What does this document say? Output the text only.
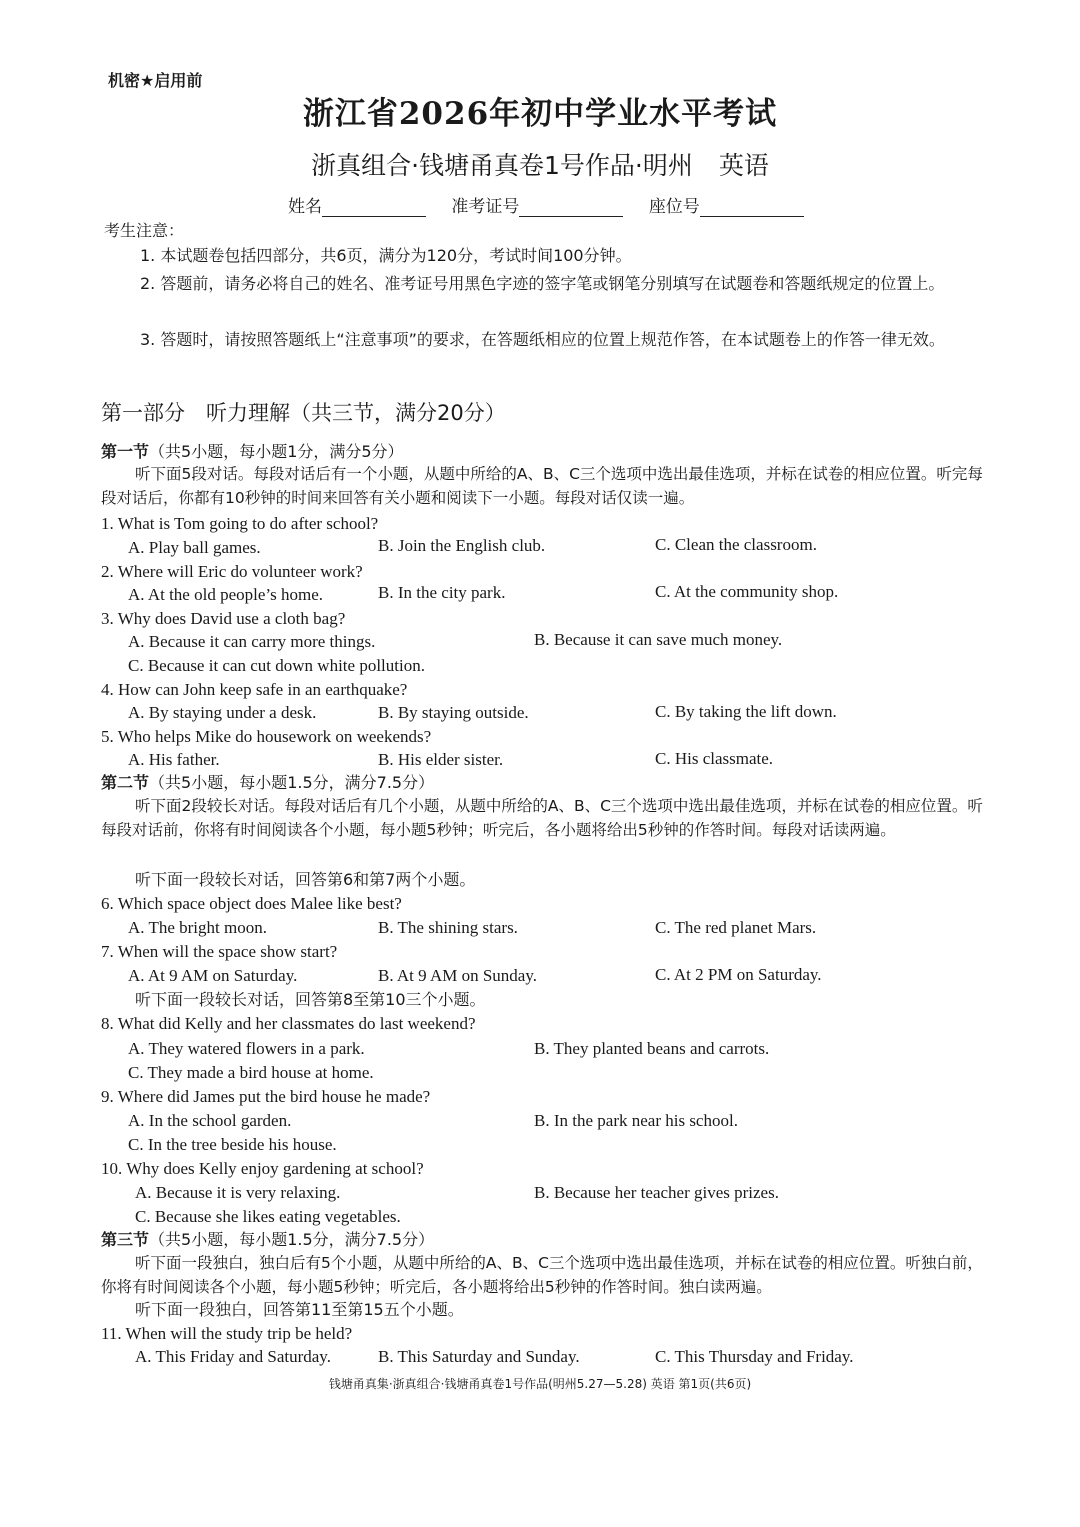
机密★启用前
浙江省2026年初中学业水平考试
浙真组合·钱塘甬真卷1号作品·明州 英语
姓名	准考证号	座位号
考生注意：
1. 本试题卷包括四部分，共6页，满分为120分，考试时间100分钟。
2. 答题前，请务必将自己的姓名、准考证号用黑色字迹的签字笔或钢笔分别填写在试题卷和答题纸规定的位置上。
3. 答题时，请按照答题纸上“注意事项”的要求，在答题纸相应的位置上规范作答，在本试题卷上的作答一律无效。
第一部分　听力理解（共三节，满分20分）
第一节（共5小题，每小题1分，满分5分）
听下面5段对话。每段对话后有一个小题，从题中所给的A、B、C三个选项中选出最佳选项，并标在试卷的相应位置。听完每段对话后，你都有10秒钟的时间来回答有关小题和阅读下一小题。每段对话仅读一遍。
1. What is Tom going to do after school?
A. Play ball games.	B. Join the English club.	C. Clean the classroom.
2. Where will Eric do volunteer work?
A. At the old people’s home.	B. In the city park.	C. At the community shop.
3. Why does David use a cloth bag?
A. Because it can carry more things.	B. Because it can save much money.
C. Because it can cut down white pollution.
4. How can John keep safe in an earthquake?
A. By staying under a desk.	B. By staying outside.	C. By taking the lift down.
5. Who helps Mike do housework on weekends?
A. His father.	B. His elder sister.	C. His classmate.
第二节（共5小题，每小题1.5分，满分7.5分）
听下面2段较长对话。每段对话后有几个小题，从题中所给的A、B、C三个选项中选出最佳选项，并标在试卷的相应位置。听每段对话前，你将有时间阅读各个小题，每小题5秒钟；听完后，各小题将给出5秒钟的作答时间。每段对话读两遍。
听下面一段较长对话，回答第6和第7两个小题。
6. Which space object does Malee like best?
A. The bright moon.	B. The shining stars.	C. The red planet Mars.
7. When will the space show start?
A. At 9 AM on Saturday.	B. At 9 AM on Sunday.	C. At 2 PM on Saturday.
听下面一段较长对话，回答第8至第10三个小题。
8. What did Kelly and her classmates do last weekend?
A. They watered flowers in a park.	B. They planted beans and carrots.
C. They made a bird house at home.
9. Where did James put the bird house he made?
A. In the school garden.	B. In the park near his school.
C. In the tree beside his house.
10. Why does Kelly enjoy gardening at school?
A. Because it is very relaxing.	B. Because her teacher gives prizes.
C. Because she likes eating vegetables.
第三节（共5小题，每小题1.5分，满分7.5分）
听下面一段独白，独白后有5个小题，从题中所给的A、B、C三个选项中选出最佳选项，并标在试卷的相应位置。听独白前，你将有时间阅读各个小题，每小题5秒钟；听完后，各小题将给出5秒钟的作答时间。独白读两遍。
听下面一段独白，回答第11至第15五个小题。
11. When will the study trip be held?
A. This Friday and Saturday.	B. This Saturday and Sunday.	C. This Thursday and Friday.
钱塘甬真集·浙真组合·钱塘甬真卷1号作品(明州5.27—5.28) 英语 第1页(共6页)
